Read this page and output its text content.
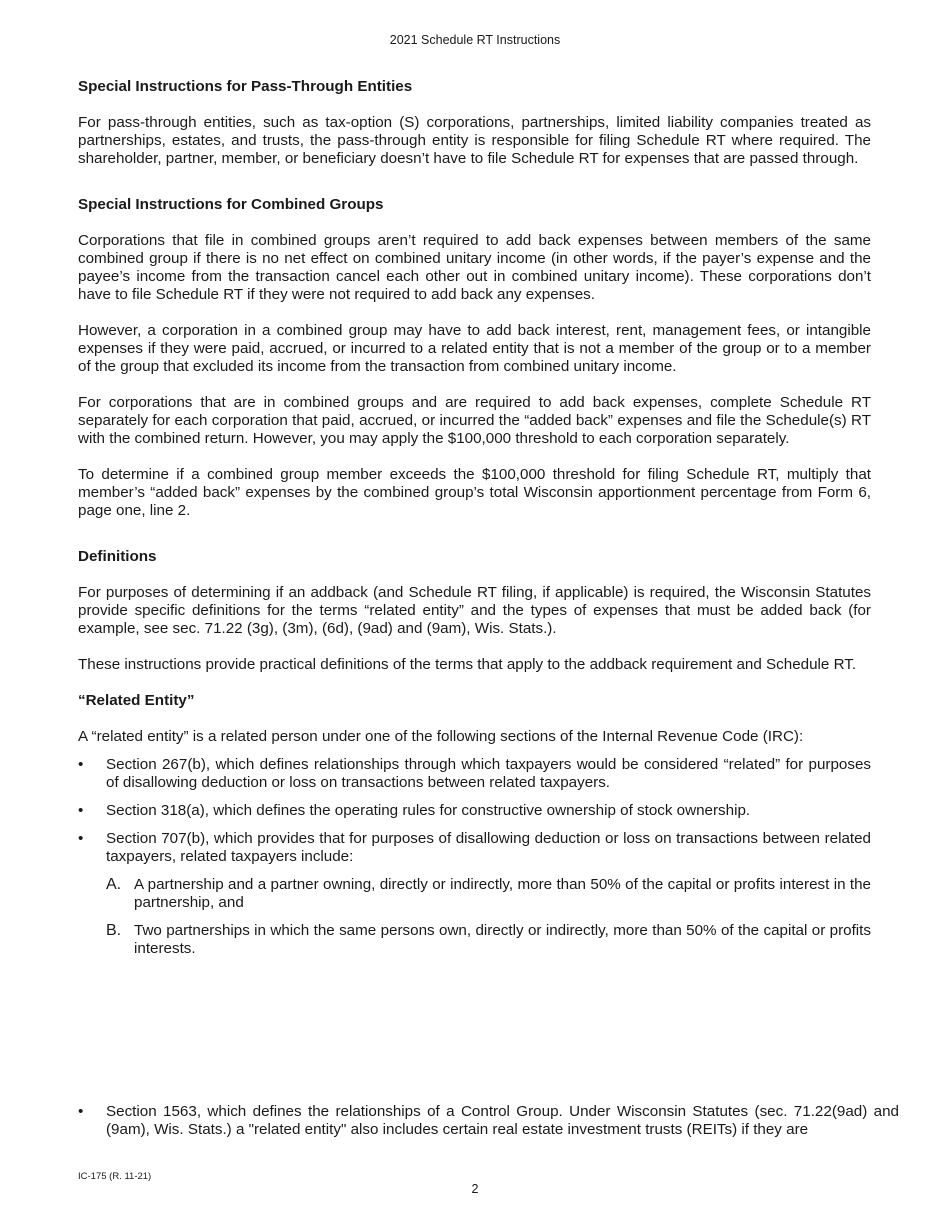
2021 Schedule RT Instructions
Special Instructions for Pass-Through Entities

For pass-through entities, such as tax-option (S) corporations, partnerships, limited liability companies treated as partnerships, estates, and trusts, the pass-through entity is responsible for filing Schedule RT where required. The shareholder, partner, member, or beneficiary doesn’t have to file Schedule RT for expenses that are passed through.

Special Instructions for Combined Groups

Corporations that file in combined groups aren’t required to add back expenses between members of the same combined group if there is no net effect on combined unitary income (in other words, if the payer’s expense and the payee’s income from the transaction cancel each other out in combined unitary income). These corporations don’t have to file Schedule RT if they were not required to add back any expenses.

However, a corporation in a combined group may have to add back interest, rent, management fees, or intangible expenses if they were paid, accrued, or incurred to a related entity that is not a member of the group or to a member of the group that excluded its income from the transaction from combined unitary income.

For corporations that are in combined groups and are required to add back expenses, complete Schedule RT separately for each corporation that paid, accrued, or incurred the “added back” expenses and file the Schedule(s) RT with the combined return. However, you may apply the $100,000 threshold to each corporation separately.

To determine if a combined group member exceeds the $100,000 threshold for filing Schedule RT, multiply that member’s “added back” expenses by the combined group’s total Wisconsin apportionment percentage from Form 6, page one, line 2.

Definitions

For purposes of determining if an addback (and Schedule RT filing, if applicable) is required, the Wisconsin Statutes provide specific definitions for the terms “related entity” and the types of expenses that must be added back (for example, see sec. 71.22 (3g), (3m), (6d), (9ad) and (9am), Wis. Stats.).

These instructions provide practical definitions of the terms that apply to the addback requirement and Schedule RT.

“Related Entity”

A “related entity” is a related person under one of the following sections of the Internal Revenue Code (IRC):

•	Section 267(b), which defines relationships through which taxpayers would be considered “related” for purposes of disallowing deduction or loss on transactions between related taxpayers.
•	Section 318(a), which defines the operating rules for constructive ownership of stock ownership.
•	Section 707(b), which provides that for purposes of disallowing deduction or loss on transactions between related taxpayers, related taxpayers include:
A. A partnership and a partner owning, directly or indirectly, more than 50% of the capital or profits interest in the partnership, and
B. Two partnerships in which the same persons own, directly or indirectly, more than 50% of the capital or profits interests.
•	Section 1563, which defines the relationships of a Control Group. Under Wisconsin Statutes (sec. 71.22(9ad) and (9am), Wis. Stats.) a "related entity" also includes certain real estate investment trusts (REITs) if they are
IC-175 (R. 11-21)
2
